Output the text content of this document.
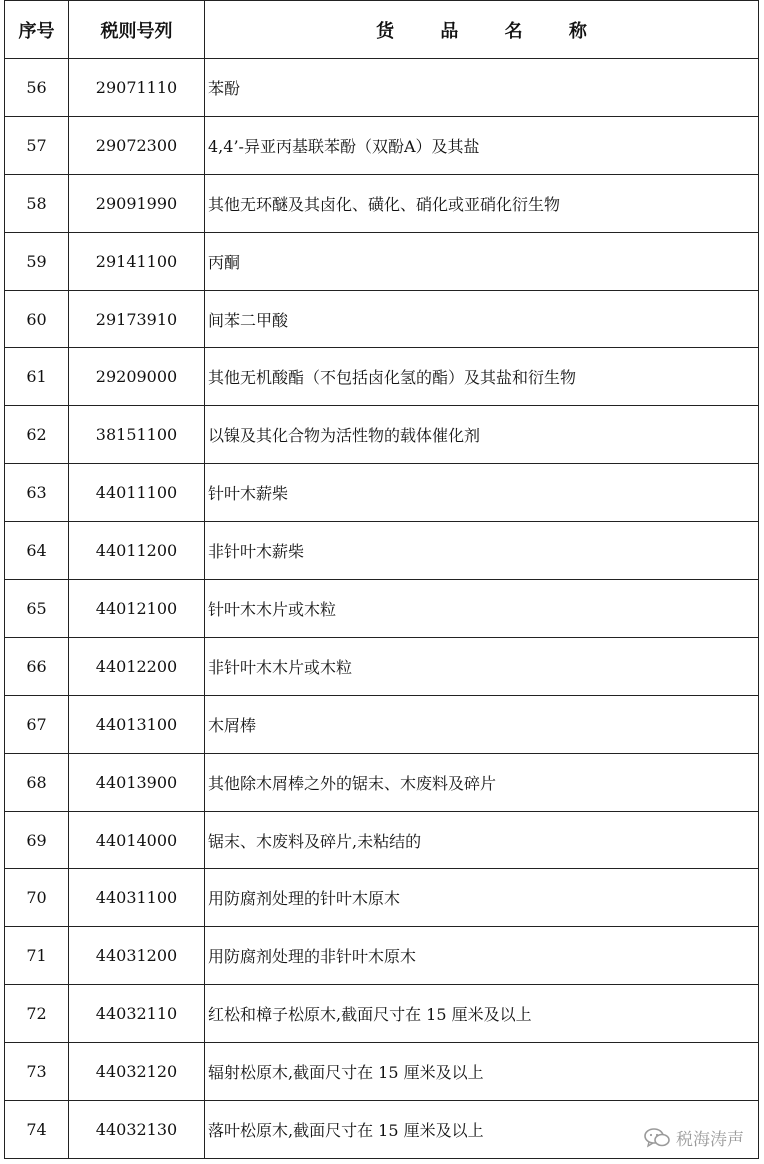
序号	税则号列	货 品 名 称
56	29071110	苯酚
57	29072300	4,4’-异亚丙基联苯酚（双酚A）及其盐
58	29091990	其他无环醚及其卤化、磺化、硝化或亚硝化衍生物
59	29141100	丙酮
60	29173910	间苯二甲酸
61	29209000	其他无机酸酯（不包括卤化氢的酯）及其盐和衍生物
62	38151100	以镍及其化合物为活性物的载体催化剂
63	44011100	针叶木薪柴
64	44011200	非针叶木薪柴
65	44012100	针叶木木片或木粒
66	44012200	非针叶木木片或木粒
67	44013100	木屑棒
68	44013900	其他除木屑棒之外的锯末、木废料及碎片
69	44014000	锯末、木废料及碎片,未粘结的
70	44031100	用防腐剂处理的针叶木原木
71	44031200	用防腐剂处理的非针叶木原木
72	44032110	红松和樟子松原木,截面尺寸在 15 厘米及以上
73	44032120	辐射松原木,截面尺寸在 15 厘米及以上
74	44032130	落叶松原木,截面尺寸在 15 厘米及以上	税海涛声
